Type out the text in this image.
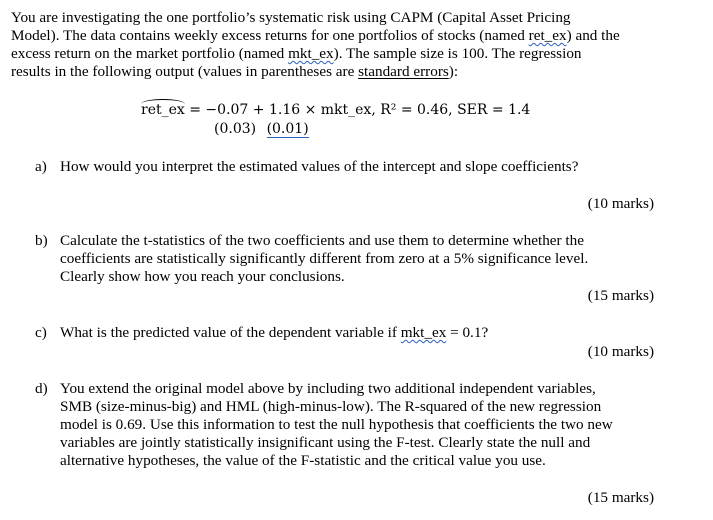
You are investigating the one portfolio’s systematic risk using CAPM (Capital Asset Pricing
Model). The data contains weekly excess returns for one portfolios of stocks (named ret_ex) and the
excess return on the market portfolio (named mkt_ex). The sample size is 100. The regression
results in the following output (values in parentheses are standard errors):
ret_ex = −0.07 + 1.16 × mkt_ex, R² = 0.46, SER = 1.4
(0.03) (0.01)
a) How would you interpret the estimated values of the intercept and slope coefficients?
(10 marks)
b) Calculate the t-statistics of the two coefficients and use them to determine whether the
coefficients are statistically significantly different from zero at a 5% significance level.
Clearly show how you reach your conclusions.
(15 marks)
c) What is the predicted value of the dependent variable if mkt_ex = 0.1?
(10 marks)
d) You extend the original model above by including two additional independent variables,
SMB (size-minus-big) and HML (high-minus-low). The R-squared of the new regression
model is 0.69. Use this information to test the null hypothesis that coefficients the two new
variables are jointly statistically insignificant using the F-test. Clearly state the null and
alternative hypotheses, the value of the F-statistic and the critical value you use.
(15 marks)
